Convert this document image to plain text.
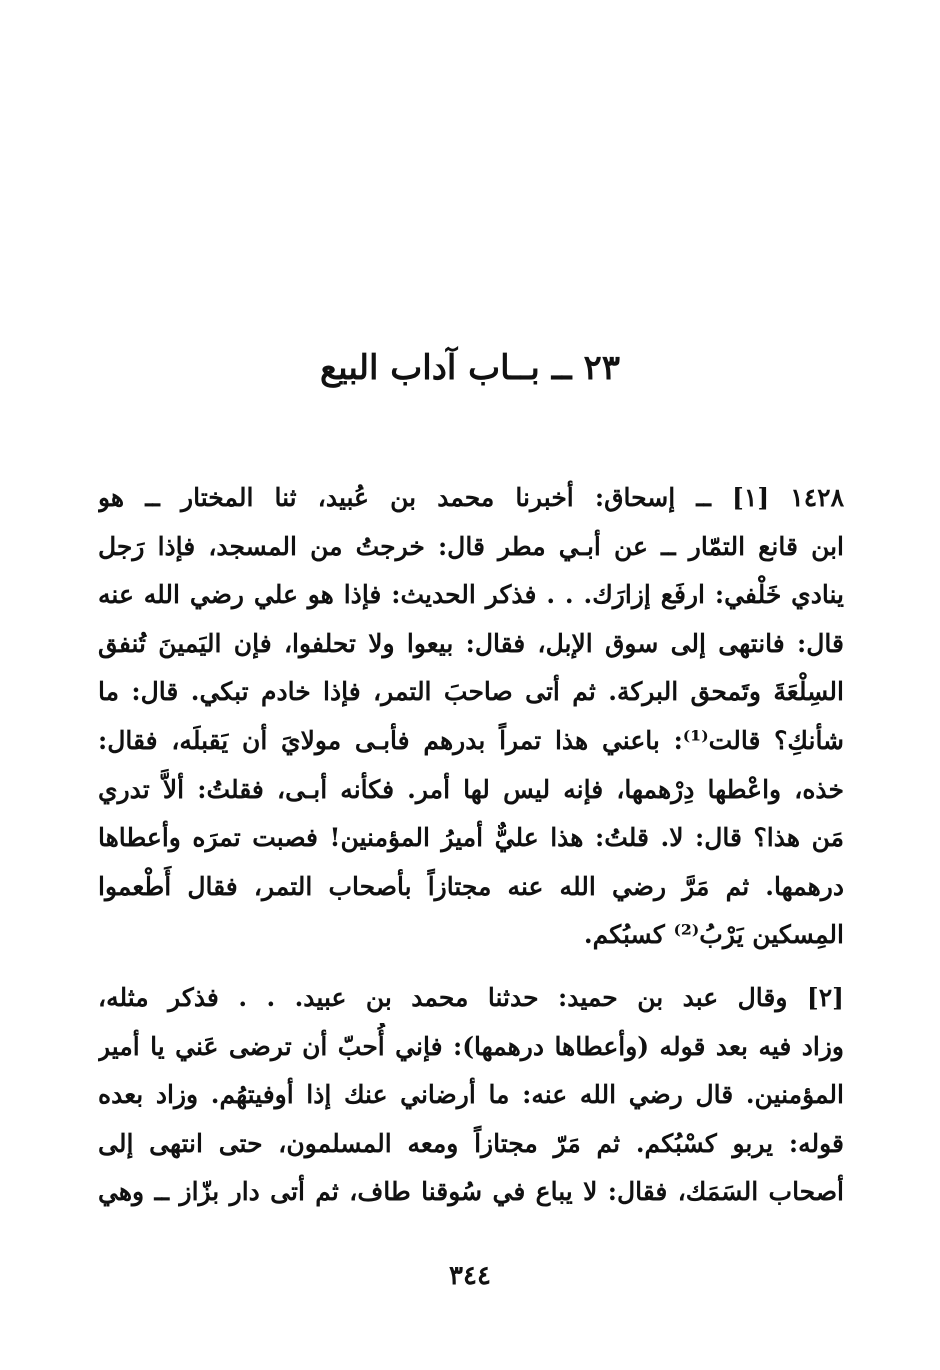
٢٣ ــ بــاب آداب البيع
١٤٢٨ [١] ــ إسحاق: أخبرنا محمد بن عُبيد، ثنا المختار ــ هو
ابن قانع التمّار ــ عن أبـي مطر قال: خرجتُ من المسجد، فإذا رَجل
ينادي خَلْفي: ارفَع إزارَك. . . فذكر الحديث: فإذا هو علي رضي الله عنه
قال: فانتهى إلى سوق الإبل، فقال: بيعوا ولا تحلفوا، فإن اليَمينَ تُنفق
السِلْعَةَ وتَمحق البركة. ثم أتى صاحبَ التمر، فإذا خادم تبكي. قال: ما
شأنكِ؟ قالت⁽¹⁾: باعني هذا تمراً بدرهم فأبـى مولايَ أن يَقبلَه، فقال:
خذه، واعْطها دِرْهمها، فإنه ليس لها أمر. فكأنه أبـى، فقلتُ: ألاَّ تدري
مَن هذا؟ قال: لا. قلتُ: هذا عليٌّ أميرُ المؤمنين! فصبت تمرَه وأعطاها
درهمها. ثم مَرَّ رضي الله عنه مجتازاً بأصحاب التمر، فقال أَطْعموا
المِسكين يَرْبُ⁽²⁾ كسبُكم.
[٢] وقال عبد بن حميد: حدثنا محمد بن عبيد. . . فذكر مثله،
وزاد فيه بعد قوله (وأعطاها درهمها): فإني أُحبّ أن ترضى عَني يا أمير
المؤمنين. قال رضي الله عنه: ما أرضاني عنك إذا أوفيتهُم. وزاد بعده
قوله: يربو كسْبُكم. ثم مَرّ مجتازاً ومعه المسلمون، حتى انتهى إلى
أصحاب السَمَك، فقال: لا يباع في سُوقنا طاف، ثم أتى دار بزّاز ــ وهي
٣٤٤
